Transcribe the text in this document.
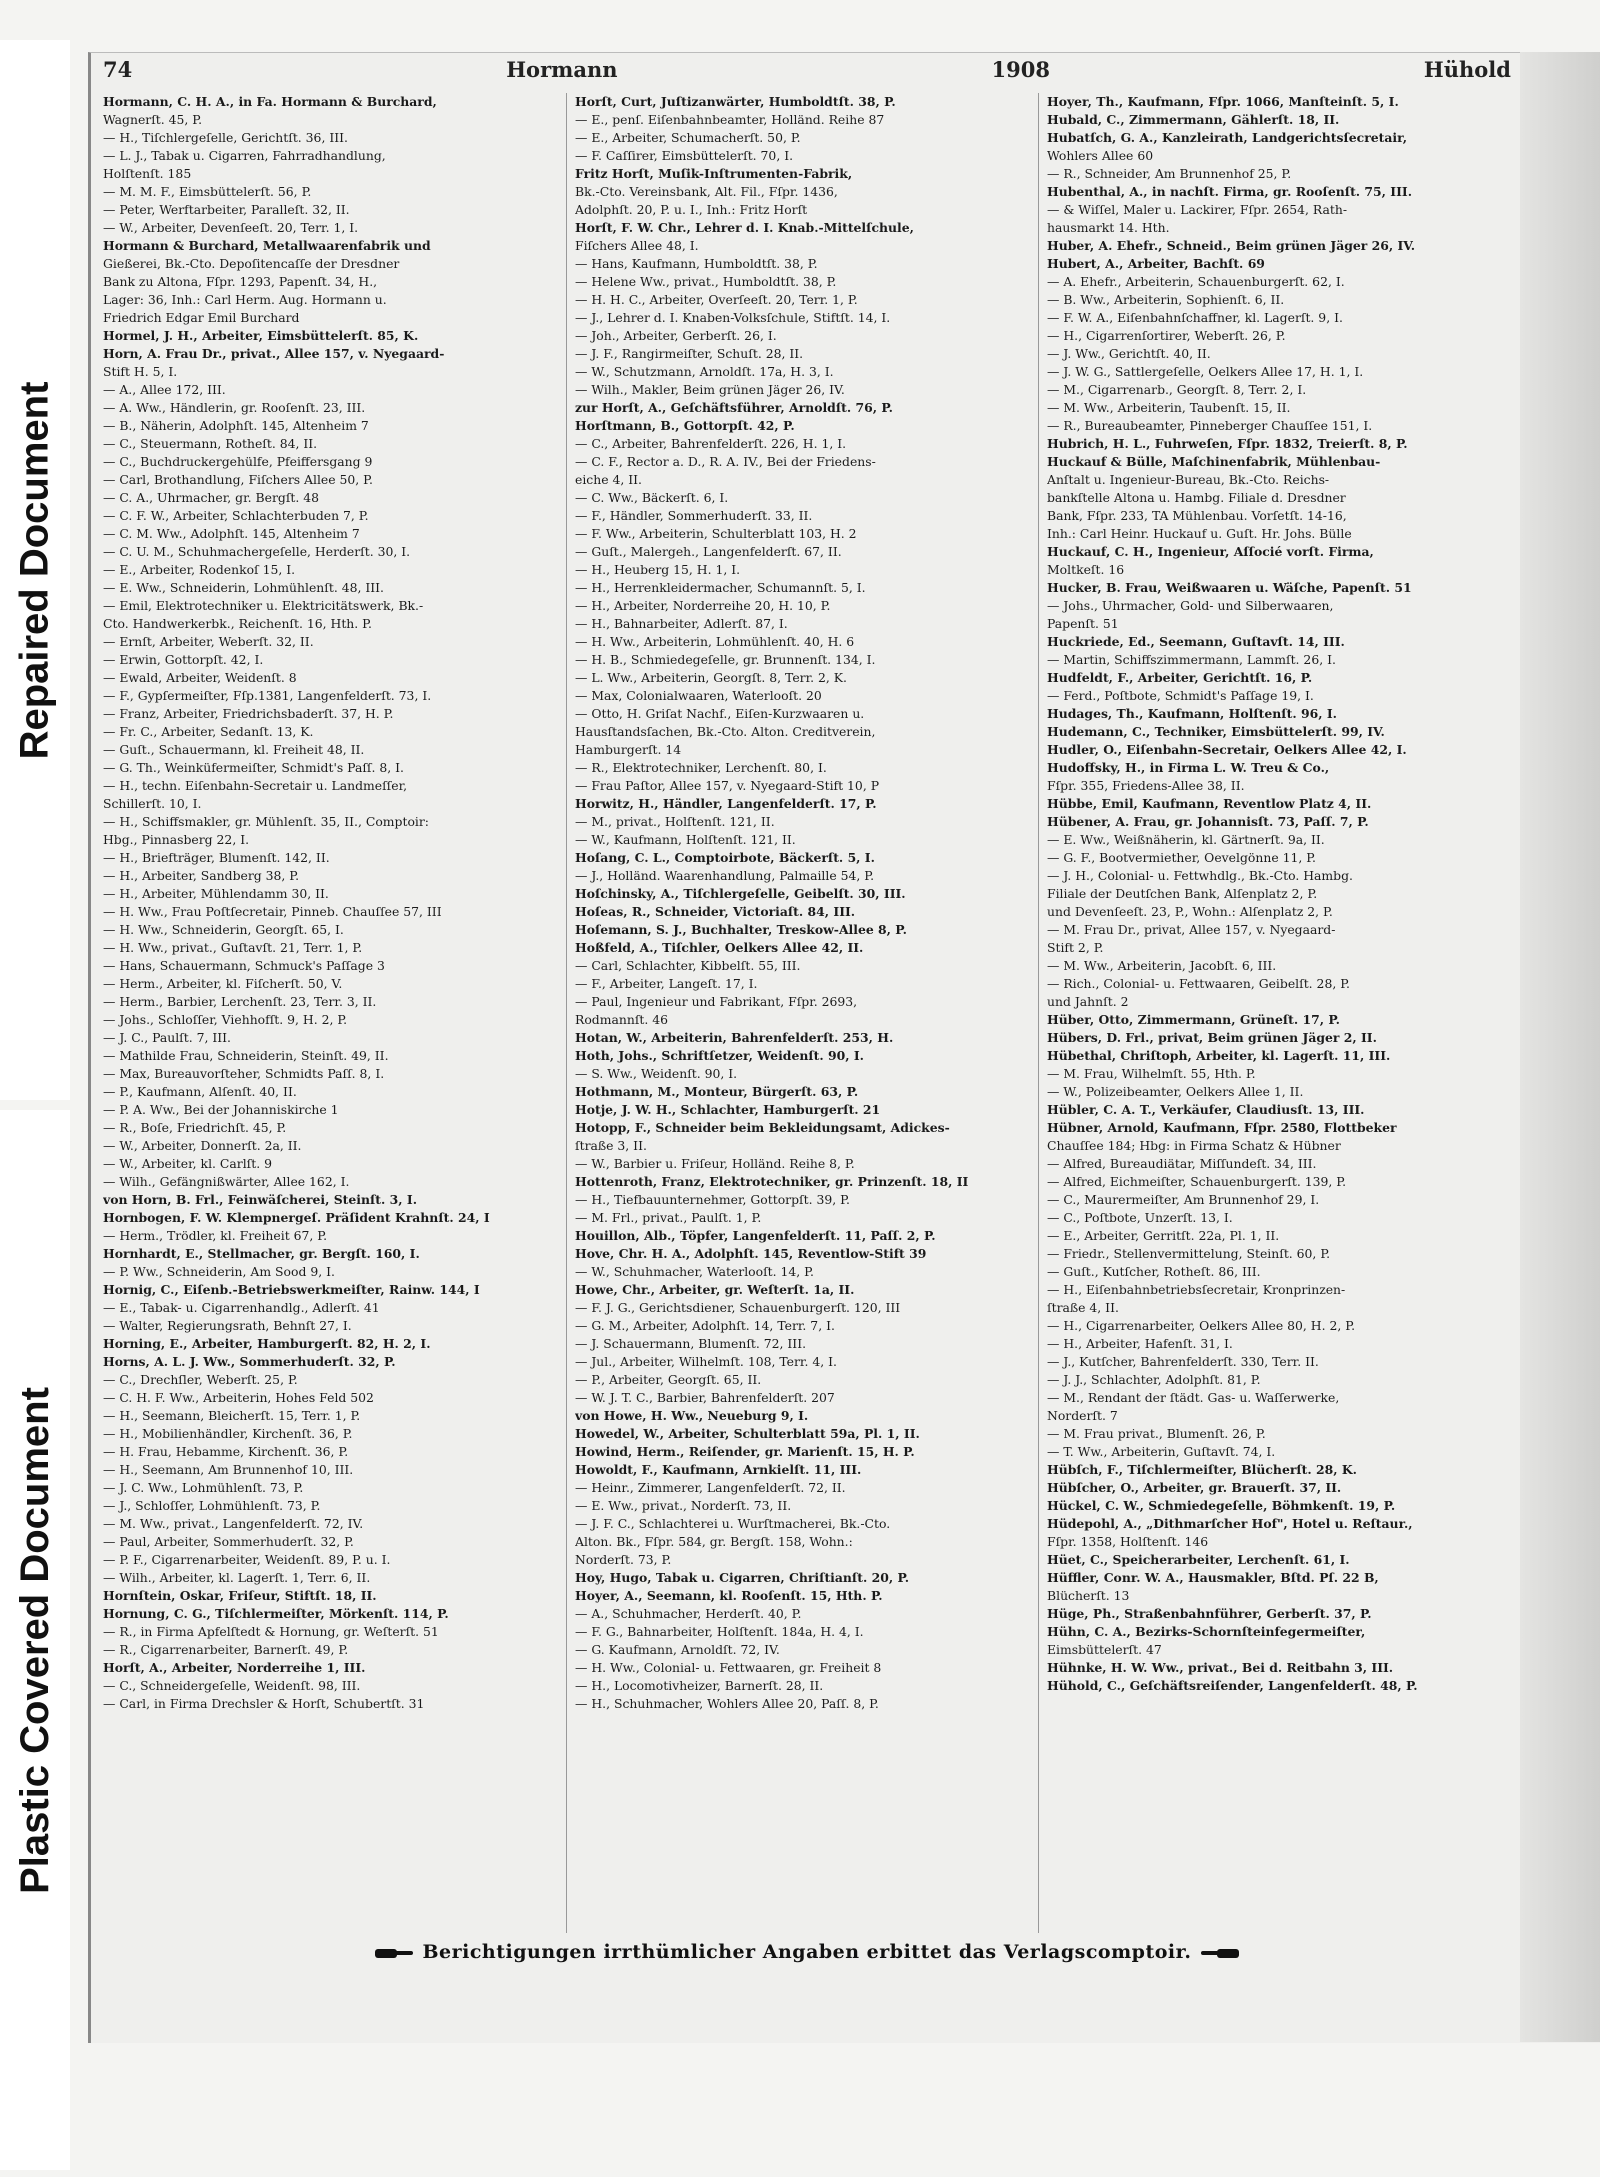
Repaired Document
Plastic Covered Document
74	Hormann	1908	Hühold
Hormann, C. H. A., in Fa. Hormann & Burchard,
Wagnerſt. 45, P.
— H., Tiſchlergeſelle, Gerichtſt. 36, III.
— L. J., Tabak u. Cigarren, Fahrradhandlung,
Holſtenſt. 185
— M. M. F., Eimsbüttelerſt. 56, P.
— Peter, Werftarbeiter, Paralleſt. 32, II.
— W., Arbeiter, Devenſeeſt. 20, Terr. 1, I.
Hormann & Burchard, Metallwaarenfabrik und
Gießerei, Bk.-Cto. Depoſitencaſſe der Dresdner
Bank zu Altona, Fſpr. 1293, Papenſt. 34, H.,
Lager: 36, Inh.: Carl Herm. Aug. Hormann u.
Friedrich Edgar Emil Burchard
Hormel, J. H., Arbeiter, Eimsbüttelerſt. 85, K.
Horn, A. Frau Dr., privat., Allee 157, v. Nyegaard-
Stift H. 5, I.
— A., Allee 172, III.
— A. Ww., Händlerin, gr. Rooſenſt. 23, III.
— B., Näherin, Adolphſt. 145, Altenheim 7
— C., Steuermann, Rotheſt. 84, II.
— C., Buchdruckergehülfe, Pfeiffersgang 9
— Carl, Brothandlung, Fiſchers Allee 50, P.
— C. A., Uhrmacher, gr. Bergſt. 48
— C. F. W., Arbeiter, Schlachterbuden 7, P.
— C. M. Ww., Adolphſt. 145, Altenheim 7
— C. U. M., Schuhmachergeſelle, Herderſt. 30, I.
— E., Arbeiter, Rodenkoſ 15, I.
— E. Ww., Schneiderin, Lohmühlenſt. 48, III.
— Emil, Elektrotechniker u. Elektricitätswerk, Bk.-
Cto. Handwerkerbk., Reichenſt. 16, Hth. P.
— Ernſt, Arbeiter, Weberſt. 32, II.
— Erwin, Gottorpſt. 42, I.
— Ewald, Arbeiter, Weidenſt. 8
— F., Gypſermeiſter, Fſp.1381, Langenfelderſt. 73, I.
— Franz, Arbeiter, Friedrichsbaderſt. 37, H. P.
— Fr. C., Arbeiter, Sedanſt. 13, K.
— Guſt., Schauermann, kl. Freiheit 48, II.
— G. Th., Weinküfermeiſter, Schmidt's Paſſ. 8, I.
— H., techn. Eiſenbahn-Secretair u. Landmeſſer,
Schillerſt. 10, I.
— H., Schiffsmakler, gr. Mühlenſt. 35, II., Comptoir:
Hbg., Pinnasberg 22, I.
— H., Briefträger, Blumenſt. 142, II.
— H., Arbeiter, Sandberg 38, P.
— H., Arbeiter, Mühlendamm 30, II.
— H. Ww., Frau Poſtſecretair, Pinneb. Chauſſee 57, III
— H. Ww., Schneiderin, Georgſt. 65, I.
— H. Ww., privat., Guſtavſt. 21, Terr. 1, P.
— Hans, Schauermann, Schmuck's Paſſage 3
— Herm., Arbeiter, kl. Fiſcherſt. 50, V.
— Herm., Barbier, Lerchenſt. 23, Terr. 3, II.
— Johs., Schloſſer, Viehhofſt. 9, H. 2, P.
— J. C., Paulſt. 7, III.
— Mathilde Frau, Schneiderin, Steinſt. 49, II.
— Max, Bureauvorſteher, Schmidts Paſſ. 8, I.
— P., Kaufmann, Alſenſt. 40, II.
— P. A. Ww., Bei der Johanniskirche 1
— R., Boſe, Friedrichſt. 45, P.
— W., Arbeiter, Donnerſt. 2a, II.
— W., Arbeiter, kl. Carlſt. 9
— Wilh., Gefängnißwärter, Allee 162, I.
von Horn, B. Frl., Feinwäſcherei, Steinſt. 3, I.
Hornbogen, F. W. Klempnergeſ. Präſident Krahnſt. 24, I
— Herm., Trödler, kl. Freiheit 67, P.
Hornhardt, E., Stellmacher, gr. Bergſt. 160, I.
— P. Ww., Schneiderin, Am Sood 9, I.
Hornig, C., Eiſenb.-Betriebswerkmeiſter, Rainw. 144, I
— E., Tabak- u. Cigarrenhandlg., Adlerſt. 41
— Walter, Regierungsrath, Behnſt 27, I.
Horning, E., Arbeiter, Hamburgerſt. 82, H. 2, I.
Horns, A. L. J. Ww., Sommerhuderſt. 32, P.
— C., Drechſler, Weberſt. 25, P.
— C. H. F. Ww., Arbeiterin, Hohes Feld 502
— H., Seemann, Bleicherſt. 15, Terr. 1, P.
— H., Mobilienhändler, Kirchenſt. 36, P.
— H. Frau, Hebamme, Kirchenſt. 36, P.
— H., Seemann, Am Brunnenhof 10, III.
— J. C. Ww., Lohmühlenſt. 73, P.
— J., Schloſſer, Lohmühlenſt. 73, P.
— M. Ww., privat., Langenfelderſt. 72, IV.
— Paul, Arbeiter, Sommerhuderſt. 32, P.
— P. F., Cigarrenarbeiter, Weidenſt. 89, P. u. I.
— Wilh., Arbeiter, kl. Lagerſt. 1, Terr. 6, II.
Hornſtein, Oskar, Friſeur, Stiftſt. 18, II.
Hornung, C. G., Tiſchlermeiſter, Mörkenſt. 114, P.
— R., in Firma Apfelſtedt & Hornung, gr. Weſterſt. 51
— R., Cigarrenarbeiter, Barnerſt. 49, P.
Horſt, A., Arbeiter, Norderreihe 1, III.
— C., Schneidergeſelle, Weidenſt. 98, III.
— Carl, in Firma Drechsler & Horſt, Schubertſt. 31
Horſt, Curt, Juſtizanwärter, Humboldtſt. 38, P.
— E., penſ. Eiſenbahnbeamter, Holländ. Reihe 87
— E., Arbeiter, Schumacherſt. 50, P.
— F. Caſſirer, Eimsbüttelerſt. 70, I.
Fritz Horſt, Muſik-Inſtrumenten-Fabrik,
Bk.-Cto. Vereinsbank, Alt. Fil., Fſpr. 1436,
Adolphſt. 20, P. u. I., Inh.: Fritz Horſt
Horſt, F. W. Chr., Lehrer d. I. Knab.-Mittelſchule,
Fiſchers Allee 48, I.
— Hans, Kaufmann, Humboldtſt. 38, P.
— Helene Ww., privat., Humboldtſt. 38, P.
— H. H. C., Arbeiter, Overſeeſt. 20, Terr. 1, P.
— J., Lehrer d. I. Knaben-Volksſchule, Stiftſt. 14, I.
— Joh., Arbeiter, Gerberſt. 26, I.
— J. F., Rangirmeiſter, Schuſt. 28, II.
— W., Schutzmann, Arnoldſt. 17a, H. 3, I.
— Wilh., Makler, Beim grünen Jäger 26, IV.
zur Horſt, A., Geſchäftsführer, Arnoldſt. 76, P.
Horſtmann, B., Gottorpſt. 42, P.
— C., Arbeiter, Bahrenfelderſt. 226, H. 1, I.
— C. F., Rector a. D., R. A. IV., Bei der Friedens-
eiche 4, II.
— C. Ww., Bäckerſt. 6, I.
— F., Händler, Sommerhuderſt. 33, II.
— F. Ww., Arbeiterin, Schulterblatt 103, H. 2
— Guſt., Malergeh., Langenfelderſt. 67, II.
— H., Heuberg 15, H. 1, I.
— H., Herrenkleidermacher, Schumannſt. 5, I.
— H., Arbeiter, Norderreihe 20, H. 10, P.
— H., Bahnarbeiter, Adlerſt. 87, I.
— H. Ww., Arbeiterin, Lohmühlenſt. 40, H. 6
— H. B., Schmiedegeſelle, gr. Brunnenſt. 134, I.
— L. Ww., Arbeiterin, Georgſt. 8, Terr. 2, K.
— Max, Colonialwaaren, Waterlooſt. 20
— Otto, H. Griſat Nachf., Eiſen-Kurzwaaren u.
Hausſtandsſachen, Bk.-Cto. Alton. Creditverein,
Hamburgerſt. 14
— R., Elektrotechniker, Lerchenſt. 80, I.
— Frau Paſtor, Allee 157, v. Nyegaard-Stift 10, P
Horwitz, H., Händler, Langenfelderſt. 17, P.
— M., privat., Holſtenſt. 121, II.
— W., Kaufmann, Holſtenſt. 121, II.
Hoſang, C. L., Comptoirbote, Bäckerſt. 5, I.
— J., Holländ. Waarenhandlung, Palmaille 54, P.
Hoſchinsky, A., Tiſchlergeſelle, Geibelſt. 30, III.
Hoſeas, R., Schneider, Victoriaſt. 84, III.
Hoſemann, S. J., Buchhalter, Treskow-Allee 8, P.
Hoßfeld, A., Tiſchler, Oelkers Allee 42, II.
— Carl, Schlachter, Kibbelſt. 55, III.
— F., Arbeiter, Langeſt. 17, I.
— Paul, Ingenieur und Fabrikant, Fſpr. 2693,
Rodmannſt. 46
Hotan, W., Arbeiterin, Bahrenfelderſt. 253, H.
Hoth, Johs., Schriftſetzer, Weidenſt. 90, I.
— S. Ww., Weidenſt. 90, I.
Hothmann, M., Monteur, Bürgerſt. 63, P.
Hotje, J. W. H., Schlachter, Hamburgerſt. 21
Hotopp, F., Schneider beim Bekleidungsamt, Adickes-
ſtraße 3, II.
— W., Barbier u. Friſeur, Holländ. Reihe 8, P.
Hottenroth, Franz, Elektrotechniker, gr. Prinzenſt. 18, II
— H., Tiefbauunternehmer, Gottorpſt. 39, P.
— M. Frl., privat., Paulſt. 1, P.
Houillon, Alb., Töpfer, Langenfelderſt. 11, Paſſ. 2, P.
Hove, Chr. H. A., Adolphſt. 145, Reventlow-Stift 39
— W., Schuhmacher, Waterlooſt. 14, P.
Howe, Chr., Arbeiter, gr. Weſterſt. 1a, II.
— F. J. G., Gerichtsdiener, Schauenburgerſt. 120, III
— G. M., Arbeiter, Adolphſt. 14, Terr. 7, I.
— J. Schauermann, Blumenſt. 72, III.
— Jul., Arbeiter, Wilhelmſt. 108, Terr. 4, I.
— P., Arbeiter, Georgſt. 65, II.
— W. J. T. C., Barbier, Bahrenfelderſt. 207
von Howe, H. Ww., Neueburg 9, I.
Howedel, W., Arbeiter, Schulterblatt 59a, Pl. 1, II.
Howind, Herm., Reiſender, gr. Marienſt. 15, H. P.
Howoldt, F., Kaufmann, Arnkielſt. 11, III.
— Heinr., Zimmerer, Langenfelderſt. 72, II.
— E. Ww., privat., Norderſt. 73, II.
— J. F. C., Schlachterei u. Wurſtmacherei, Bk.-Cto.
Alton. Bk., Fſpr. 584, gr. Bergſt. 158, Wohn.:
Norderſt. 73, P.
Hoy, Hugo, Tabak u. Cigarren, Chriſtianſt. 20, P.
Hoyer, A., Seemann, kl. Rooſenſt. 15, Hth. P.
— A., Schuhmacher, Herderſt. 40, P.
— F. G., Bahnarbeiter, Holſtenſt. 184a, H. 4, I.
— G. Kaufmann, Arnoldſt. 72, IV.
— H. Ww., Colonial- u. Fettwaaren, gr. Freiheit 8
— H., Locomotivheizer, Barnerſt. 28, II.
— H., Schuhmacher, Wohlers Allee 20, Paſſ. 8, P.
Hoyer, Th., Kaufmann, Fſpr. 1066, Manſteinſt. 5, I.
Hubald, C., Zimmermann, Gählerſt. 18, II.
Hubatſch, G. A., Kanzleirath, Landgerichtsſecretair,
Wohlers Allee 60
— R., Schneider, Am Brunnenhof 25, P.
Hubenthal, A., in nachſt. Firma, gr. Rooſenſt. 75, III.
— & Wiſſel, Maler u. Lackirer, Fſpr. 2654, Rath-
hausmarkt 14. Hth.
Huber, A. Ehefr., Schneid., Beim grünen Jäger 26, IV.
Hubert, A., Arbeiter, Bachſt. 69
— A. Ehefr., Arbeiterin, Schauenburgerſt. 62, I.
— B. Ww., Arbeiterin, Sophienſt. 6, II.
— F. W. A., Eiſenbahnſchaffner, kl. Lagerſt. 9, I.
— H., Cigarrenſortirer, Weberſt. 26, P.
— J. Ww., Gerichtſt. 40, II.
— J. W. G., Sattlergeſelle, Oelkers Allee 17, H. 1, I.
— M., Cigarrenarb., Georgſt. 8, Terr. 2, I.
— M. Ww., Arbeiterin, Taubenſt. 15, II.
— R., Bureaubeamter, Pinneberger Chauſſee 151, I.
Hubrich, H. L., Fuhrweſen, Fſpr. 1832, Treierſt. 8, P.
Huckauf & Bülle, Maſchinenfabrik, Mühlenbau-
Anſtalt u. Ingenieur-Bureau, Bk.-Cto. Reichs-
bankſtelle Altona u. Hambg. Filiale d. Dresdner
Bank, Fſpr. 233, TA Mühlenbau. Vorſetſt. 14-16,
Inh.: Carl Heinr. Huckauf u. Guſt. Hr. Johs. Bülle
Huckauf, C. H., Ingenieur, Aſſocié vorſt. Firma,
Moltkeſt. 16
Hucker, B. Frau, Weißwaaren u. Wäſche, Papenſt. 51
— Johs., Uhrmacher, Gold- und Silberwaaren,
Papenſt. 51
Huckriede, Ed., Seemann, Guſtavſt. 14, III.
— Martin, Schiffszimmermann, Lammſt. 26, I.
Hudfeldt, F., Arbeiter, Gerichtſt. 16, P.
— Ferd., Poſtbote, Schmidt's Paſſage 19, I.
Hudages, Th., Kaufmann, Holſtenſt. 96, I.
Hudemann, C., Techniker, Eimsbüttelerſt. 99, IV.
Hudler, O., Eiſenbahn-Secretair, Oelkers Allee 42, I.
Hudoffsky, H., in Firma L. W. Treu & Co.,
Fſpr. 355, Friedens-Allee 38, II.
Hübbe, Emil, Kaufmann, Reventlow Platz 4, II.
Hübener, A. Frau, gr. Johannisſt. 73, Paſſ. 7, P.
— E. Ww., Weißnäherin, kl. Gärtnerſt. 9a, II.
— G. F., Bootvermiether, Oevelgönne 11, P.
— J. H., Colonial- u. Fettwhdlg., Bk.-Cto. Hambg.
Filiale der Deutſchen Bank, Alſenplatz 2, P.
und Devenſeeſt. 23, P., Wohn.: Alſenplatz 2, P.
— M. Frau Dr., privat, Allee 157, v. Nyegaard-
Stift 2, P.
— M. Ww., Arbeiterin, Jacobſt. 6, III.
— Rich., Colonial- u. Fettwaaren, Geibelſt. 28, P.
und Jahnſt. 2
Hüber, Otto, Zimmermann, Grüneſt. 17, P.
Hübers, D. Frl., privat, Beim grünen Jäger 2, II.
Hübethal, Chriſtoph, Arbeiter, kl. Lagerſt. 11, III.
— M. Frau, Wilhelmſt. 55, Hth. P.
— W., Polizeibeamter, Oelkers Allee 1, II.
Hübler, C. A. T., Verkäufer, Claudiusſt. 13, III.
Hübner, Arnold, Kaufmann, Fſpr. 2580, Flottbeker
Chauſſee 184; Hbg: in Firma Schatz & Hübner
— Alfred, Bureaudiätar, Miſſundeſt. 34, III.
— Alfred, Eichmeiſter, Schauenburgerſt. 139, P.
— C., Maurermeiſter, Am Brunnenhof 29, I.
— C., Poſtbote, Unzerſt. 13, I.
— E., Arbeiter, Gerritſt. 22a, Pl. 1, II.
— Friedr., Stellenvermittelung, Steinſt. 60, P.
— Guſt., Kutſcher, Rotheſt. 86, III.
— H., Eiſenbahnbetriebsſecretair, Kronprinzen-
ſtraße 4, II.
— H., Cigarrenarbeiter, Oelkers Allee 80, H. 2, P.
— H., Arbeiter, Hafenſt. 31, I.
— J., Kutſcher, Bahrenfelderſt. 330, Terr. II.
— J. J., Schlachter, Adolphſt. 81, P.
— M., Rendant der ſtädt. Gas- u. Waſſerwerke,
Norderſt. 7
— M. Frau privat., Blumenſt. 26, P.
— T. Ww., Arbeiterin, Guſtavſt. 74, I.
Hübſch, F., Tiſchlermeiſter, Blücherſt. 28, K.
Hübſcher, O., Arbeiter, gr. Brauerſt. 37, II.
Hückel, C. W., Schmiedegeſelle, Böhmkenſt. 19, P.
Hüdepohl, A., „Dithmarſcher Hof", Hotel u. Reſtaur.,
Fſpr. 1358, Holſtenſt. 146
Hüet, C., Speicherarbeiter, Lerchenſt. 61, I.
Hüffler, Conr. W. A., Hausmakler, Bſtd. Pſ. 22 B,
Blücherſt. 13
Hüge, Ph., Straßenbahnführer, Gerberſt. 37, P.
Hühn, C. A., Bezirks-Schornſteinfegermeiſter,
Eimsbüttelerſt. 47
Hühnke, H. W. Ww., privat., Bei d. Reitbahn 3, III.
Hühold, C., Geſchäftsreiſender, Langenfelderſt. 48, P.
Berichtigungen irrthümlicher Angaben erbittet das Verlagscomptoir.
